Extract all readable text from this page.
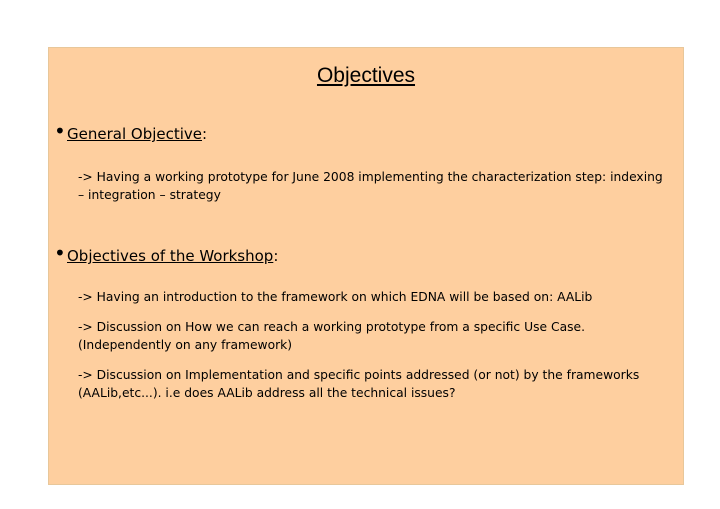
Objectives
• General Objective:
-> Having a working prototype for June 2008 implementing the characterization step: indexing – integration – strategy
• Objectives of the Workshop:
-> Having an introduction to the framework on which EDNA will be based on: AALib
-> Discussion on How we can reach a working prototype from a specific Use Case. (Independently on any framework)
-> Discussion on Implementation and specific points addressed (or not) by the frameworks (AALib,etc...). i.e does AALib address all the technical issues?
